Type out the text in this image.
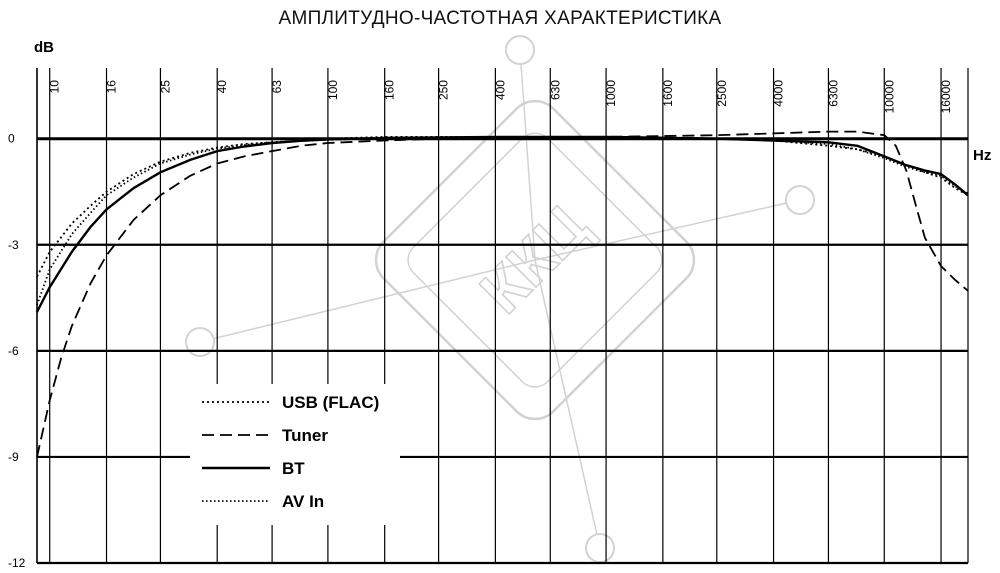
ККЦ
АМПЛИТУДНО-ЧАСТОТНАЯ ХАРАКТЕРИСТИКА
dB
Hz
0
-3
-6
-9
-12
10	16	25	40	63	100	160	250	400	630	1000	1600	2500	4000	6300	10000	16000
USB (FLAC)
Tuner
BT
AV In
